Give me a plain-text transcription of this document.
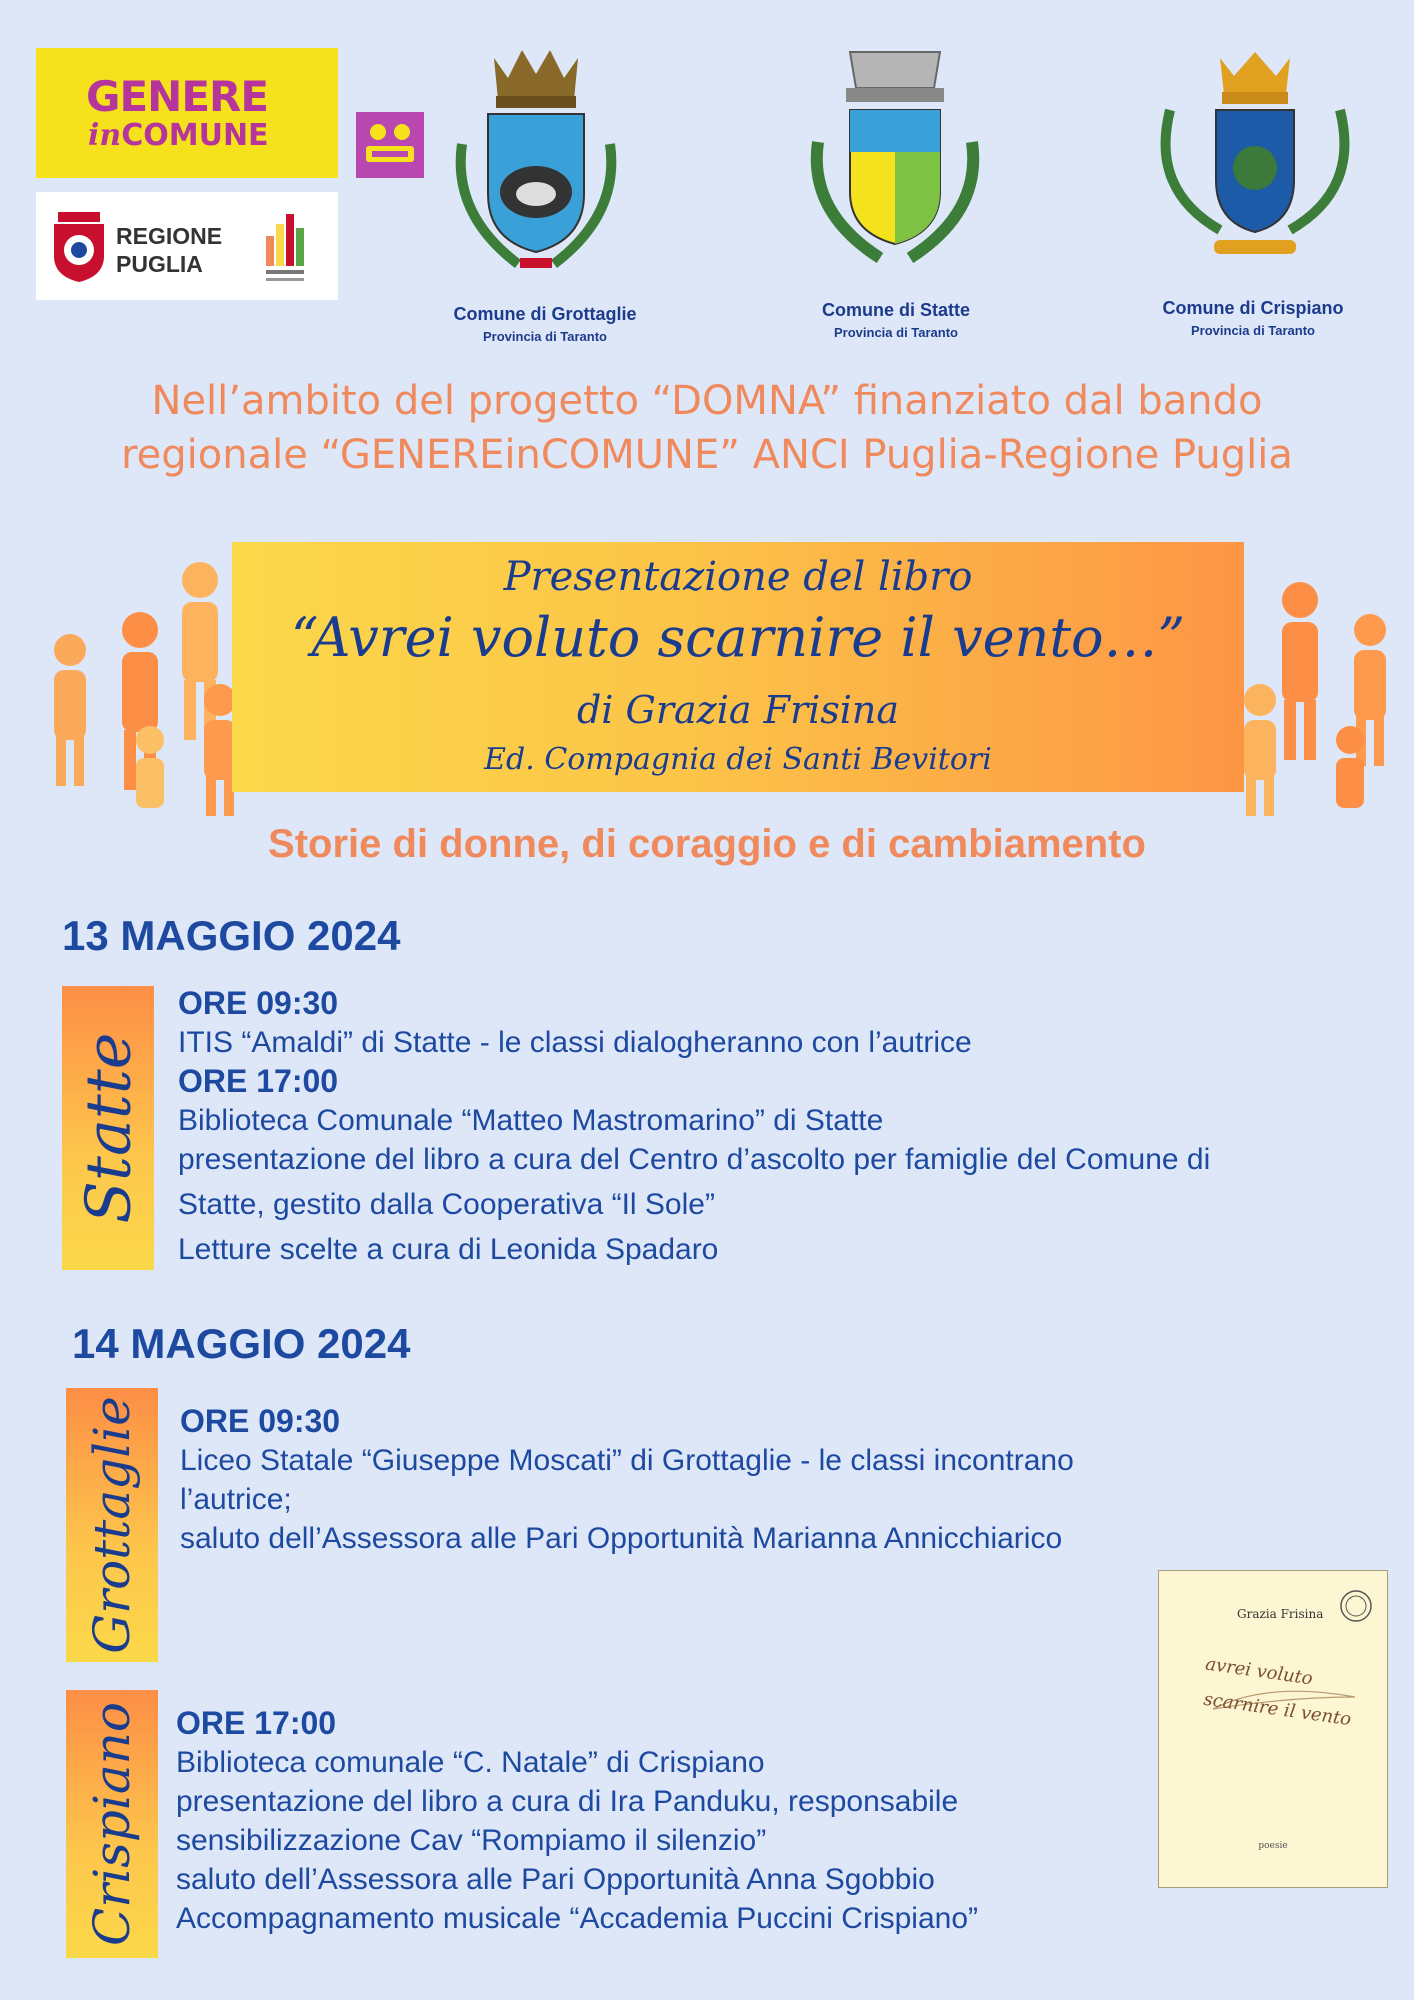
GENERE
inCOMUNE
REGIONE
PUGLIA
Comune di Grottaglie
Provincia di Taranto
Comune di Statte
Provincia di Taranto
Comune di Crispiano
Provincia di Taranto
Nell’ambito del progetto “DOMNA” finanziato dal bando
regionale “GENEREinCOMUNE” ANCI Puglia-Regione Puglia
Presentazione del libro
“Avrei voluto scarnire il vento…”
di Grazia Frisina
Ed. Compagnia dei Santi Bevitori
Storie di donne, di coraggio e di cambiamento
13 MAGGIO 2024
Statte
ORE 09:30
ITIS “Amaldi” di Statte - le classi dialogheranno con l’autrice
ORE 17:00
Biblioteca Comunale “Matteo Mastromarino” di Statte
presentazione del libro a cura del Centro d’ascolto per famiglie del Comune di
Statte, gestito dalla Cooperativa “Il Sole”
Letture scelte a cura di Leonida Spadaro
14 MAGGIO 2024
Grottaglie ORE 09:30
Liceo Statale “Giuseppe Moscati” di Grottaglie - le classi incontrano
l’autrice;
saluto dell’Assessora alle Pari Opportunità Marianna Annicchiarico
Crispiano ORE 17:00
Biblioteca comunale “C. Natale” di Crispiano
presentazione del libro a cura di Ira Panduku, responsabile
sensibilizzazione Cav “Rompiamo il silenzio”
saluto dell’Assessora alle Pari Opportunità Anna Sgobbio
Accompagnamento musicale “Accademia Puccini Crispiano”
Grazia Frisina
avrei voluto
scarnire il vento
poesie
